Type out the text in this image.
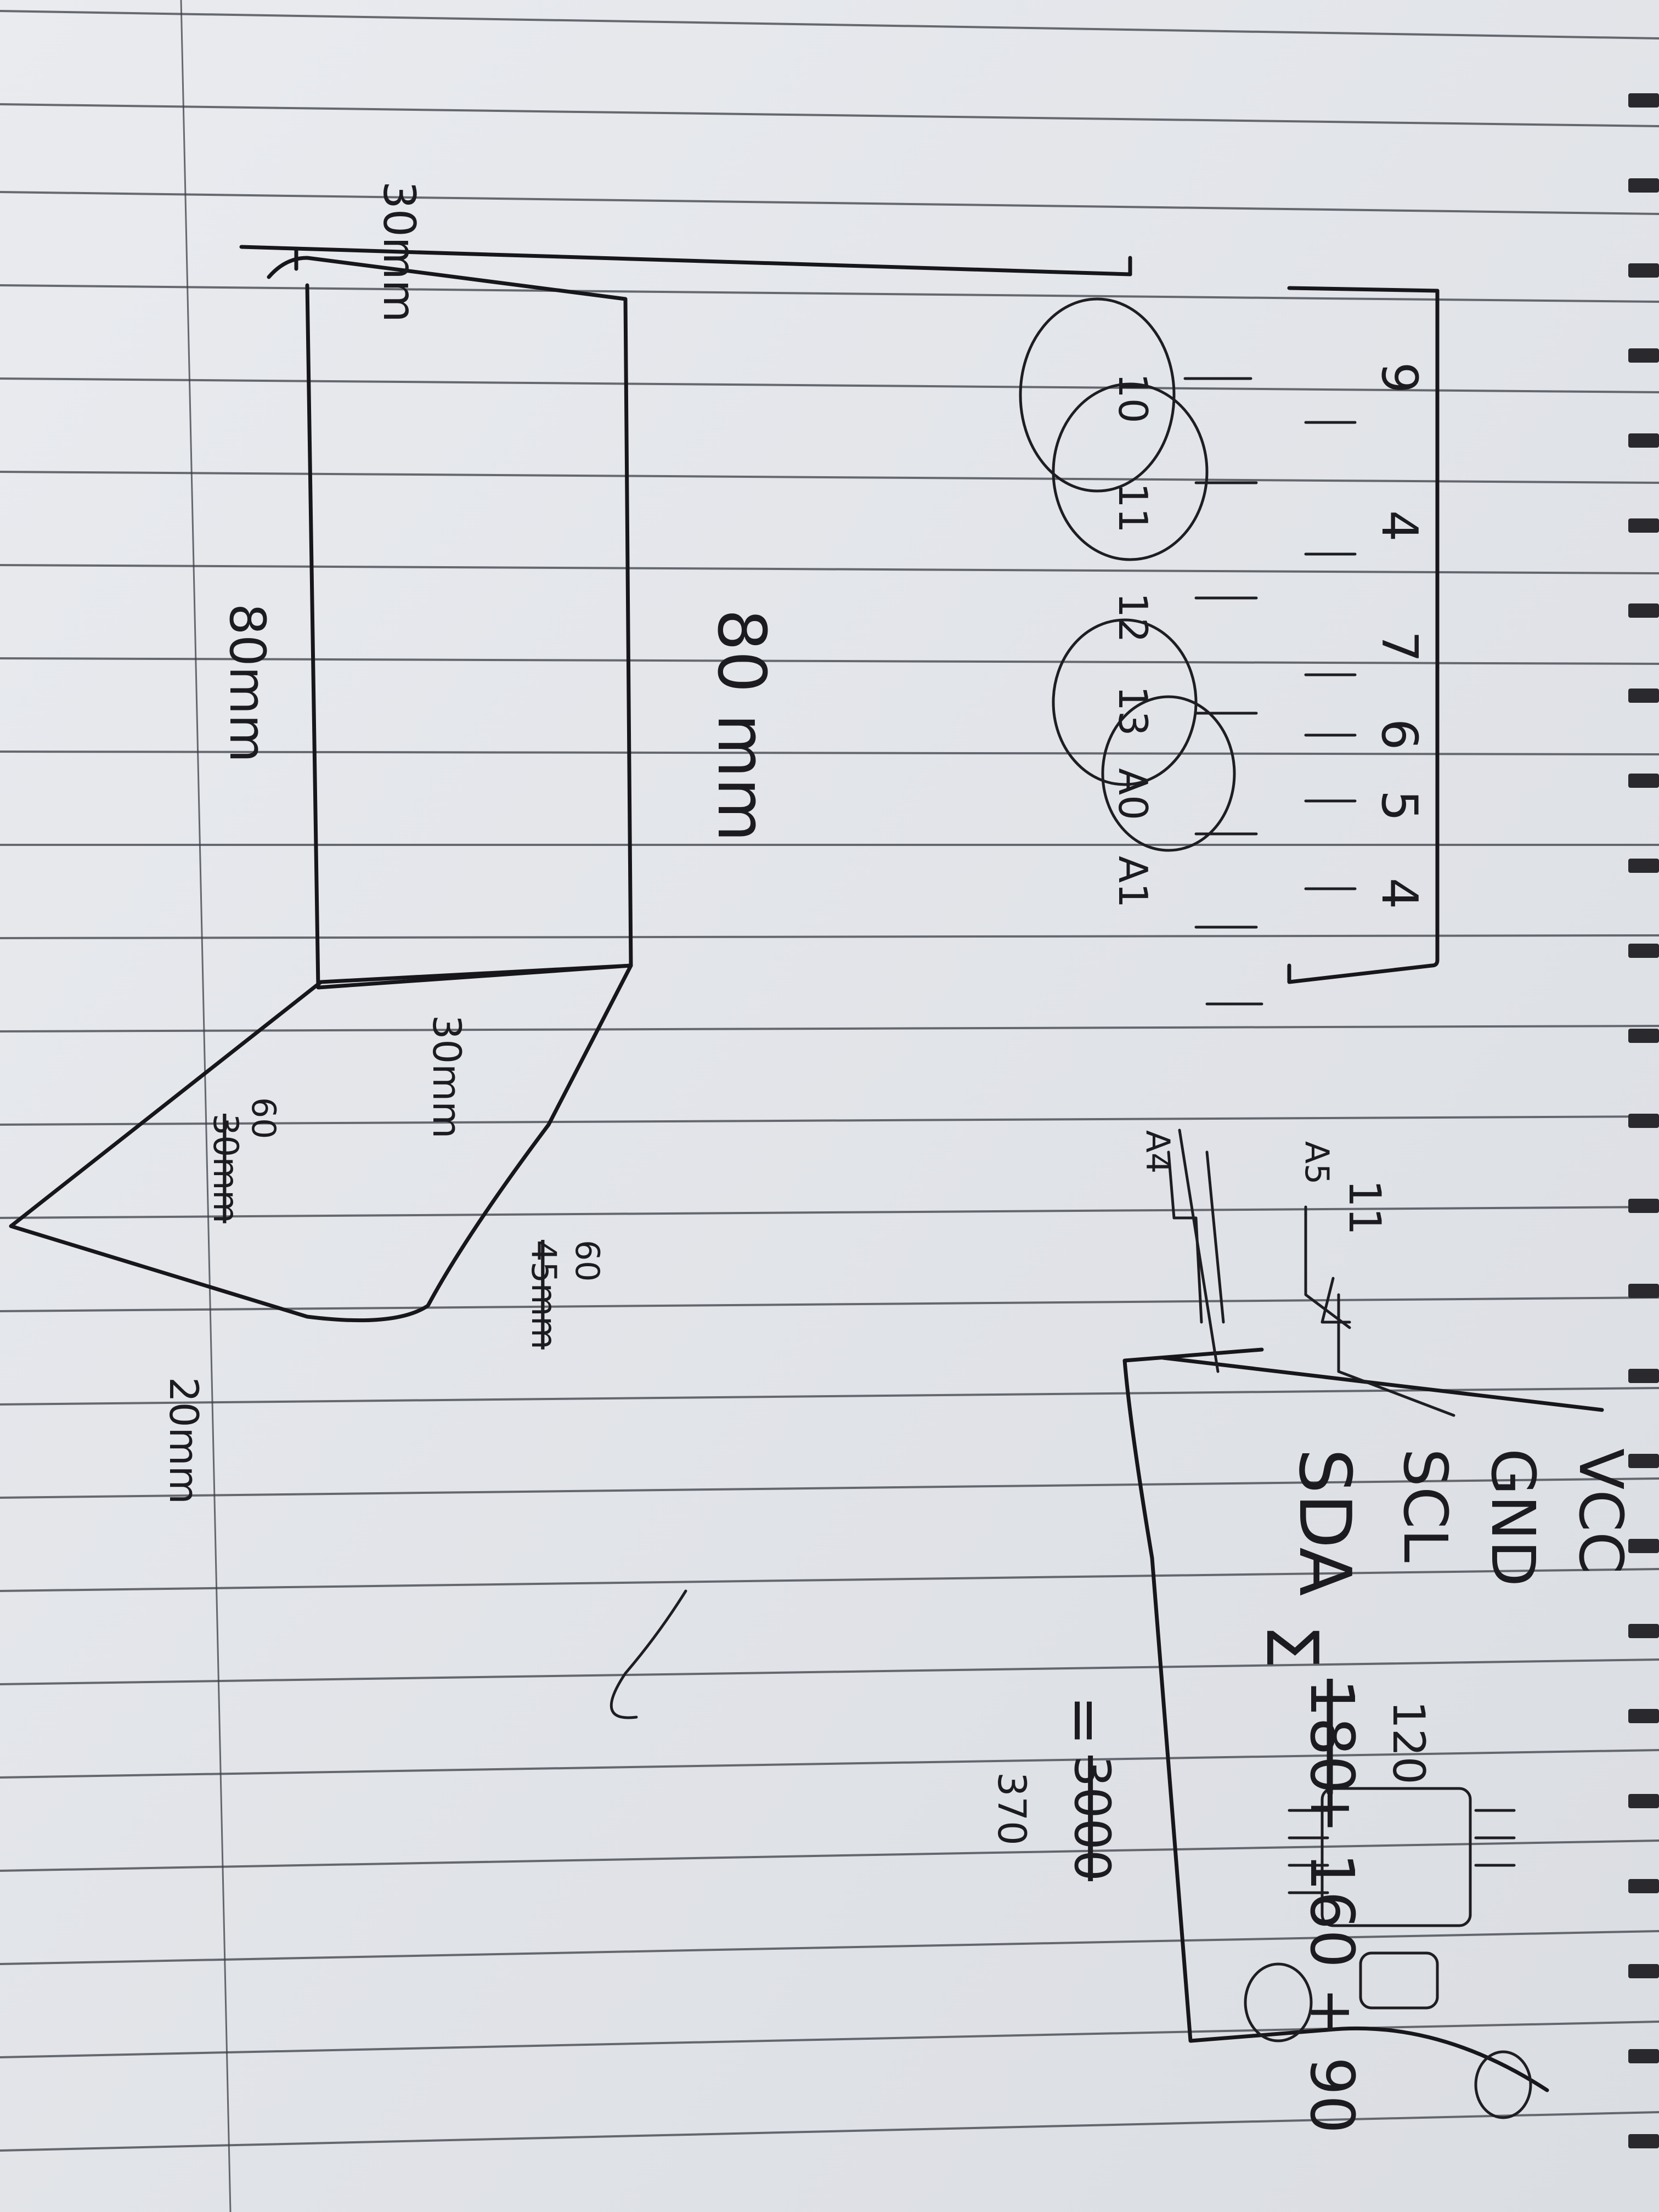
9
4
7
6
5
4
10
11
12
13
A0
A1
30mm
80 mm
80mm
30mm
60
30mm
60
45mm
20mm
11
A5
A4
VCC
GND
SCL
SDA
Σ
120
180
+ 160 + 90
=
3000
370
